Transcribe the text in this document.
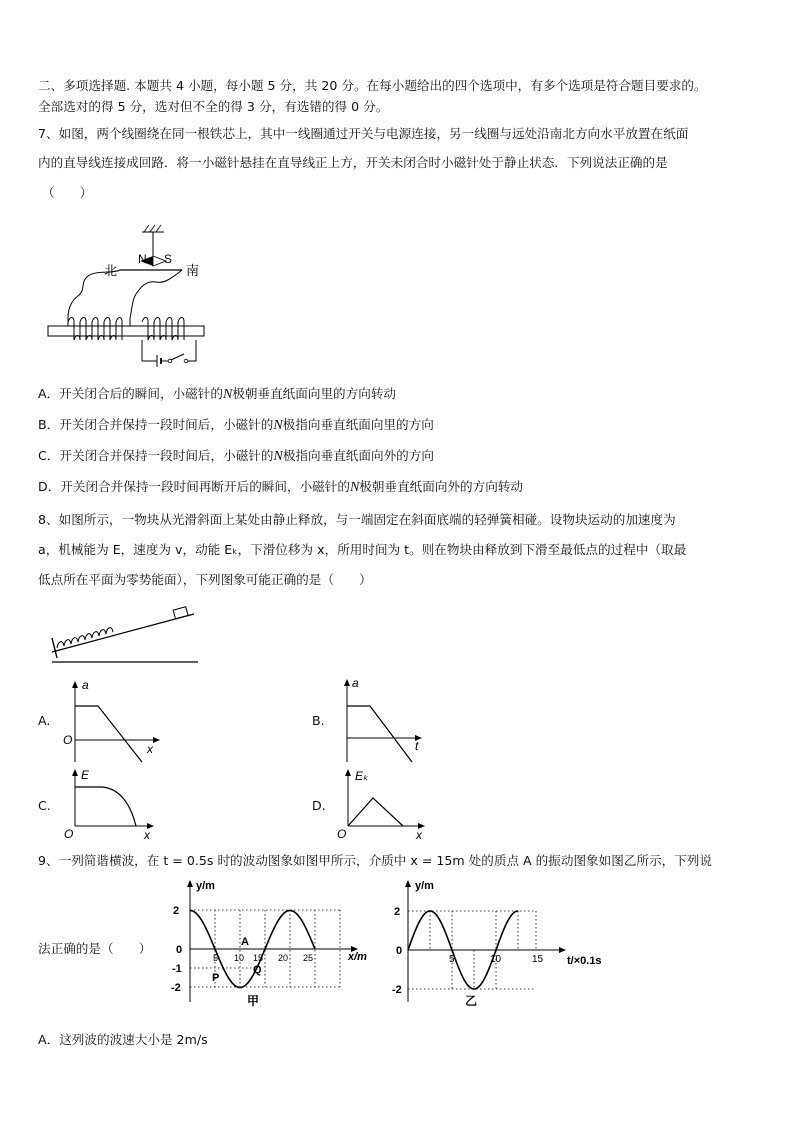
二、多项选择题. 本题共 4 小题，每小题 5 分，共 20 分。在每小题给出的四个选项中，有多个选项是符合题目要求的。
全部选对的得 5 分，选对但不全的得 3 分，有选错的得 0 分。
7、如图，两个线圈绕在同一根铁芯上，其中一线圈通过开关与电源连接，另一线圈与远处沿南北方向水平放置在纸面
内的直导线连接成回路．将一小磁针悬挂在直导线正上方，开关未闭合时小磁针处于静止状态．下列说法正确的是
（　　）
N S
北	南
A．开关闭合后的瞬间，小磁针的N极朝垂直纸面向里的方向转动
B．开关闭合并保持一段时间后，小磁针的N极指向垂直纸面向里的方向
C．开关闭合并保持一段时间后，小磁针的N极指向垂直纸面向外的方向
D．开关闭合并保持一段时间再断开后的瞬间，小磁针的N极朝垂直纸面向外的方向转动
8、如图所示，一物块从光滑斜面上某处由静止释放，与一端固定在斜面底端的轻弹簧相碰。设物块运动的加速度为
a，机械能为 E，速度为 v，动能 Eₖ，下滑位移为 x，所用时间为 t。则在物块由释放到下滑至最低点的过程中（取最
低点所在平面为零势能面），下列图象可能正确的是（　　）
A.
a
O
x
B.
a
t
C.
E
O	x
D.
Eₖ
O	x
9、一列简谐横波，在 t = 0.5s 时的波动图象如图甲所示，介质中 x = 15m 处的质点 A 的振动图象如图乙所示，下列说
法正确的是（　　）
y/m
2
0
-1
-2
5 10 15 20 25	x/m
A
P
Q
甲
y/m
2
0
-2
5	10	15 t/×0.1s
乙
A．这列波的波速大小是 2m/s
